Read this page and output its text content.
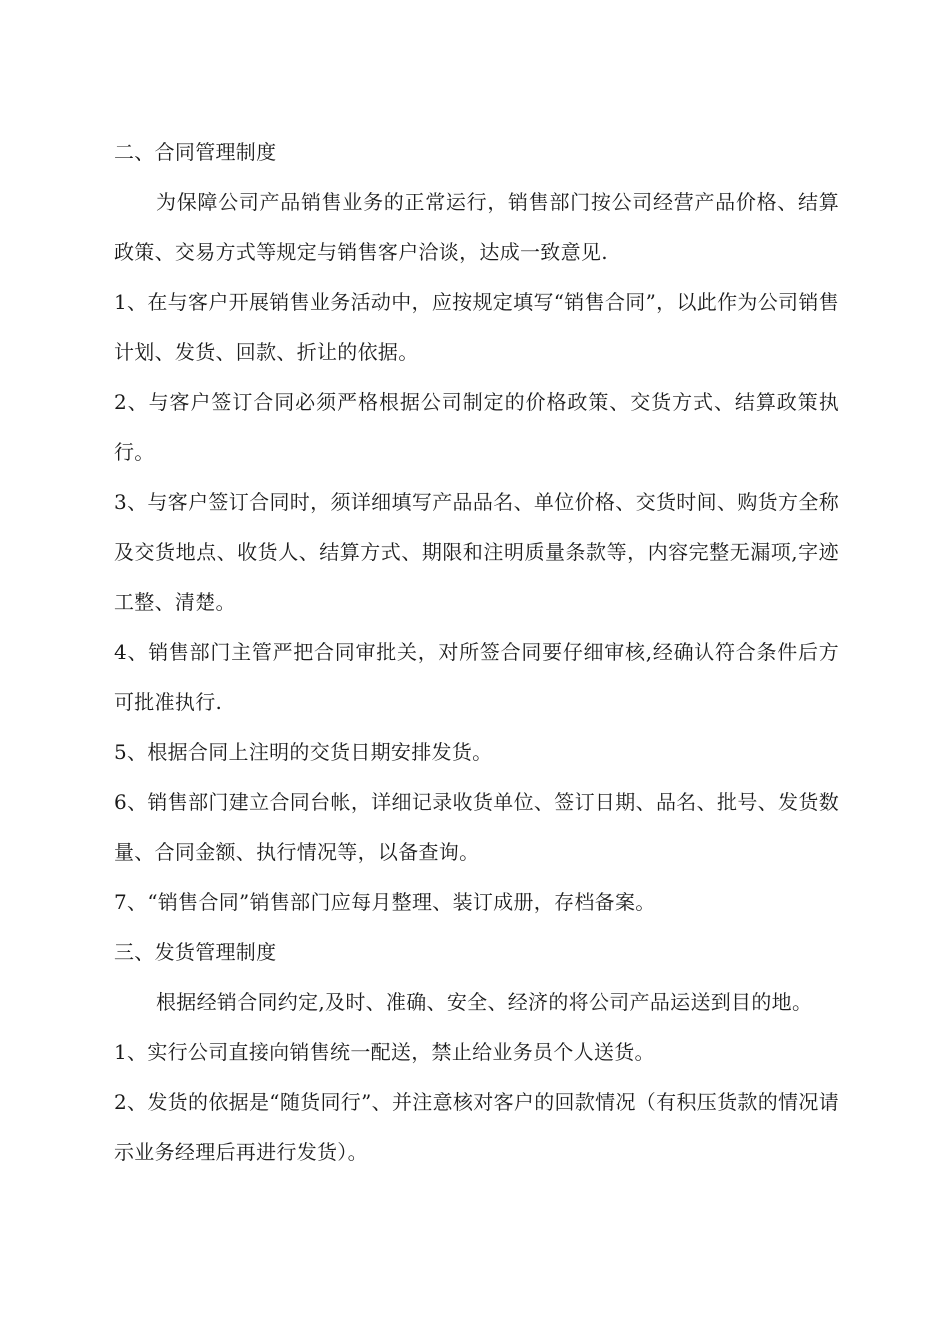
二、合同管理制度

为保障公司产品销售业务的正常运行，销售部门按公司经营产品价格、结算政策、交易方式等规定与销售客户洽谈，达成一致意见.

1、在与客户开展销售业务活动中，应按规定填写“销售合同”，以此作为公司销售计划、发货、回款、折让的依据。

2、与客户签订合同必须严格根据公司制定的价格政策、交货方式、结算政策执行。

3、与客户签订合同时，须详细填写产品品名、单位价格、交货时间、购货方全称及交货地点、收货人、结算方式、期限和注明质量条款等，内容完整无漏项,字迹工整、清楚。

4、销售部门主管严把合同审批关，对所签合同要仔细审核,经确认符合条件后方可批准执行.

5、根据合同上注明的交货日期安排发货。

6、销售部门建立合同台帐，详细记录收货单位、签订日期、品名、批号、发货数量、合同金额、执行情况等，以备查询。

7、“销售合同”销售部门应每月整理、装订成册，存档备案。

三、发货管理制度

根据经销合同约定,及时、准确、安全、经济的将公司产品运送到目的地。

1、实行公司直接向销售统一配送，禁止给业务员个人送货。

2、发货的依据是“随货同行”、并注意核对客户的回款情况（有积压货款的情况请示业务经理后再进行发货）。
